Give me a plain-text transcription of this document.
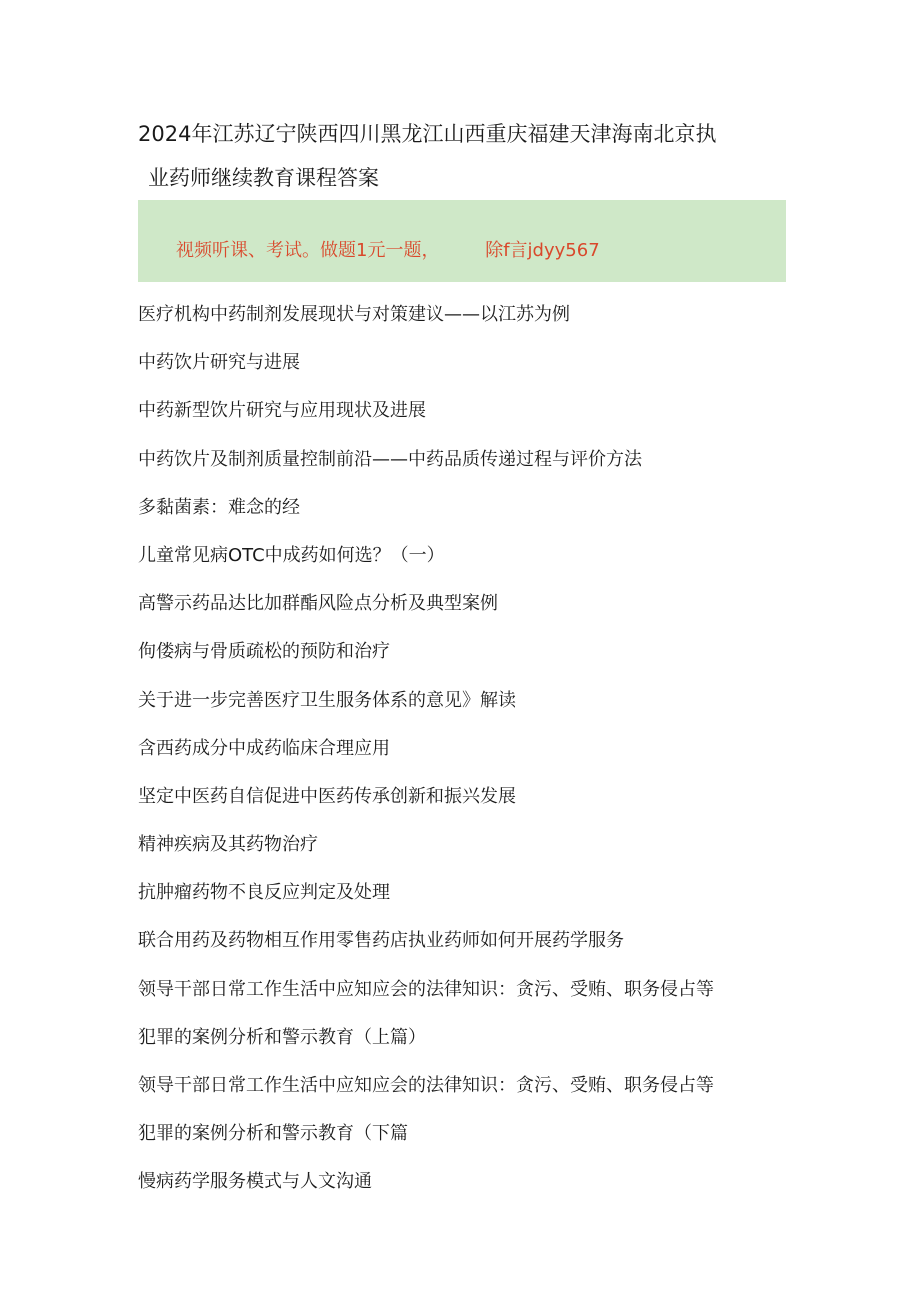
2024年江苏辽宁陕西四川黑龙江山西重庆福建天津海南北京执
业药师继续教育课程答案
视频听课、考试。做题1元一题，        除f言jdyy567
医疗机构中药制剂发展现状与对策建议——以江苏为例
中药饮片研究与进展
中药新型饮片研究与应用现状及进展
中药饮片及制剂质量控制前沿——中药品质传递过程与评价方法
多黏菌素：难念的经
儿童常见病OTC中成药如何选？（一）
高警示药品达比加群酯风险点分析及典型案例
佝偻病与骨质疏松的预防和治疗
关于进一步完善医疗卫生服务体系的意见》解读
含西药成分中成药临床合理应用
坚定中医药自信促进中医药传承创新和振兴发展
精神疾病及其药物治疗
抗肿瘤药物不良反应判定及处理
联合用药及药物相互作用零售药店执业药师如何开展药学服务
领导干部日常工作生活中应知应会的法律知识：贪污、受贿、职务侵占等
犯罪的案例分析和警示教育（上篇）
领导干部日常工作生活中应知应会的法律知识：贪污、受贿、职务侵占等
犯罪的案例分析和警示教育（下篇
慢病药学服务模式与人文沟通
